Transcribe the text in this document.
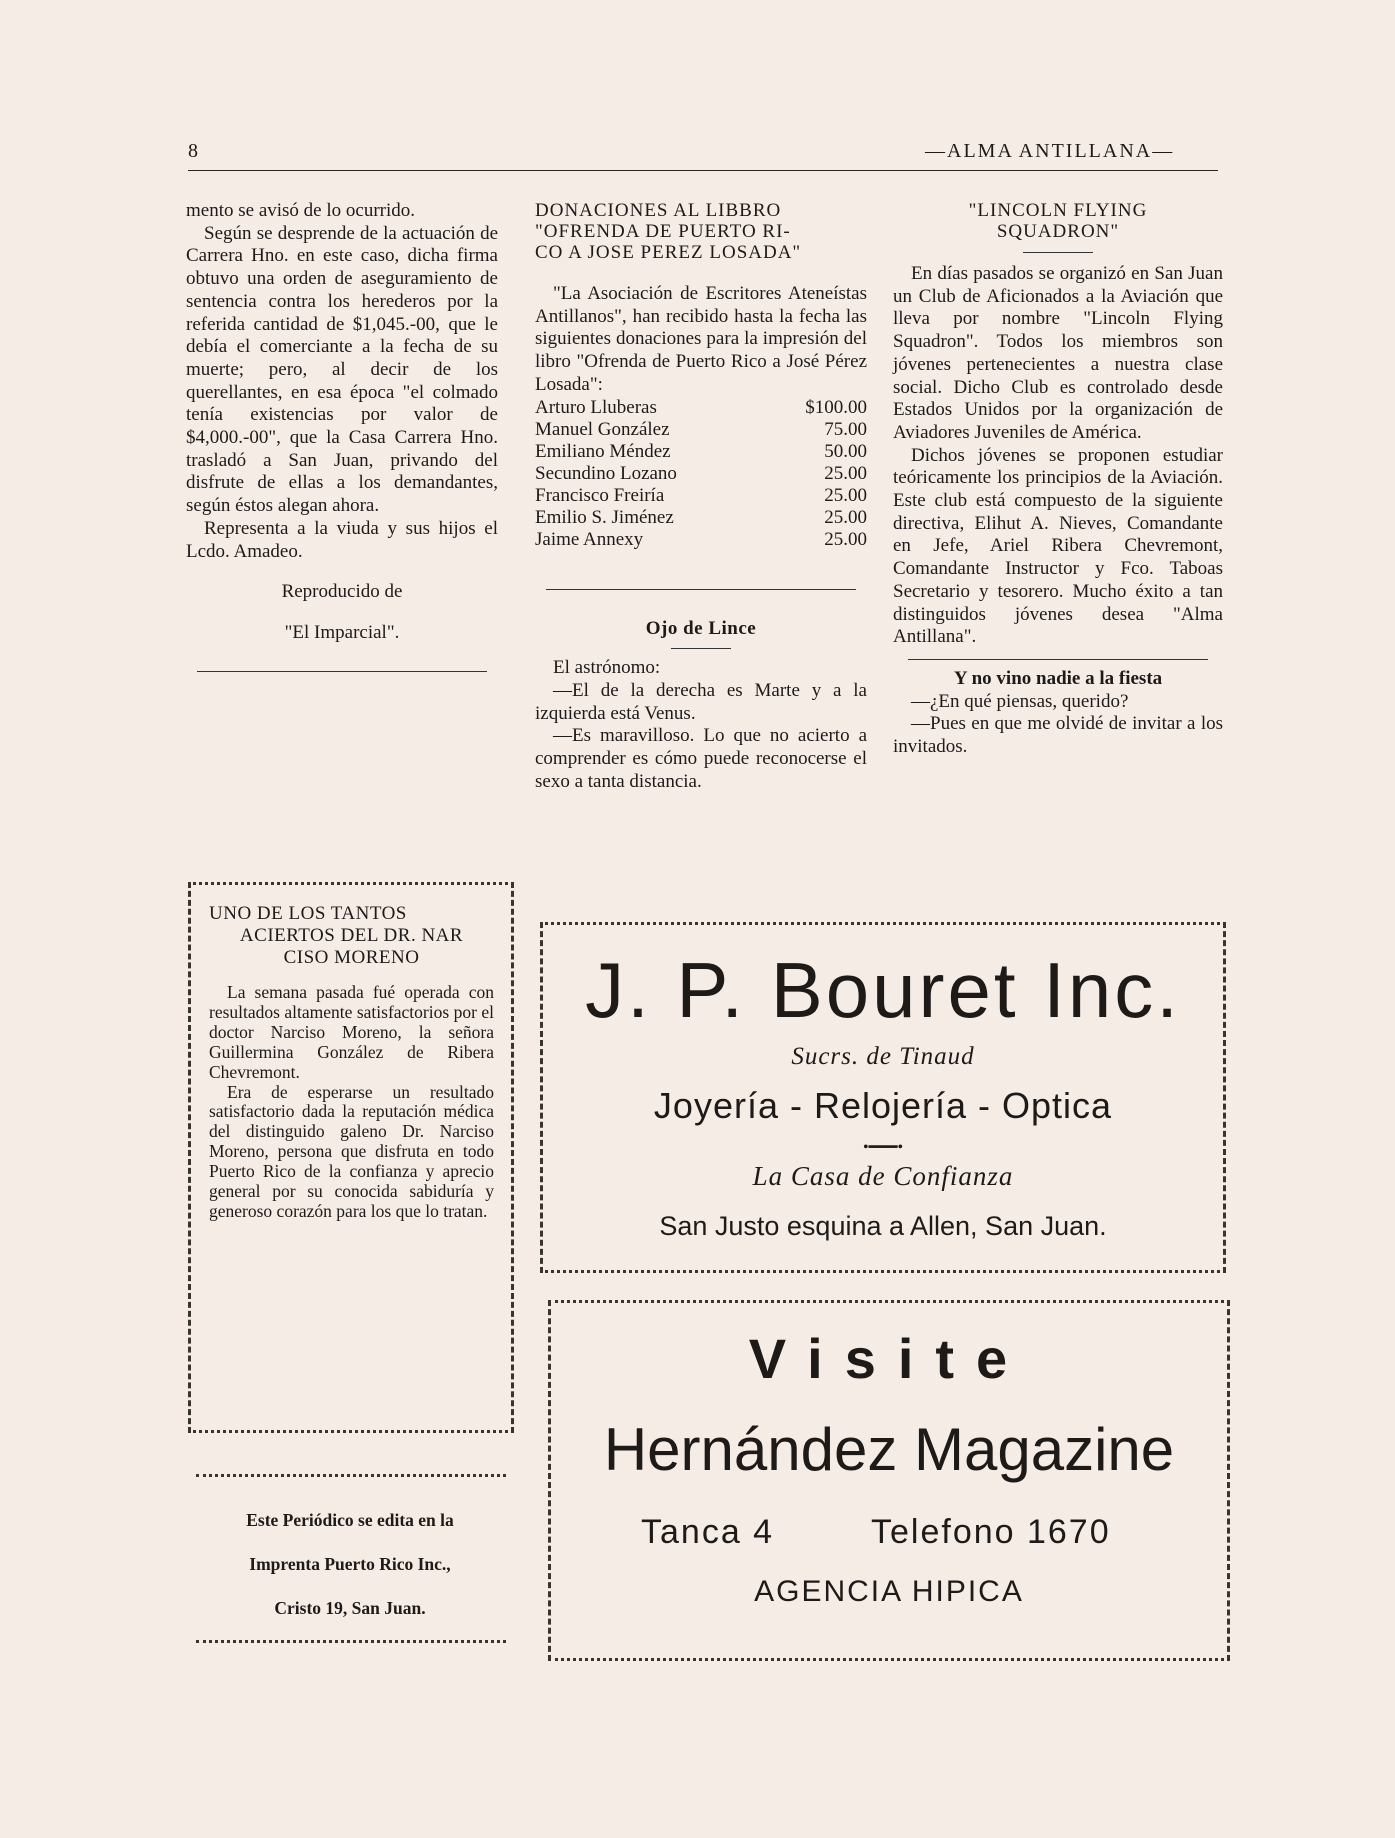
8	—ALMA ANTILLANA—

mento se avisó de lo ocurrido.

Según se desprende de la actuación de Carrera Hno. en este caso, dicha firma obtuvo una orden de aseguramiento de sentencia contra los herederos por la referida cantidad de $1,045.-00, que le debía el comerciante a la fecha de su muerte; pero, al decir de los querellantes, en esa época "el colmado tenía existencias por valor de $4,000.-00", que la Casa Carrera Hno. trasladó a San Juan, privando del disfrute de ellas a los demandantes, según éstos alegan ahora.

Representa a la viuda y sus hijos el Lcdo. Amadeo.

Reproducido de

"El Imparcial".

UNO DE LOS TANTOS

ACIERTOS DEL DR. NAR

CISO MORENO

La semana pasada fué operada con resultados altamente satisfactorios por el doctor Narciso Moreno, la señora Guillermina González de Ribera Chevremont.

Era de esperarse un resultado satisfactorio dada la reputación médica del distinguido galeno Dr. Narciso Moreno, persona que disfruta en todo Puerto Rico de la confianza y aprecio general por su conocida sabiduría y generoso corazón para los que lo tratan.

Este Periódico se edita en la
Imprenta Puerto Rico Inc.,
Cristo 19, San Juan.

DONACIONES AL LIBBRO

"OFRENDA DE PUERTO RI-

CO A JOSE PEREZ LOSADA"

"La Asociación de Escritores Ateneístas Antillanos", han recibido hasta la fecha las siguientes donaciones para la impresión del libro "Ofrenda de Puerto Rico a José Pérez Losada":

Arturo Lluberas	$100.00
Manuel González	75.00
Emiliano Méndez	50.00
Secundino Lozano	25.00
Francisco Freiría	25.00
Emilio S. Jiménez	25.00
Jaime Annexy	25.00

Ojo de Lince

El astrónomo:

—El de la derecha es Marte y a la izquierda está Venus.

—Es maravilloso. Lo que no acierto a comprender es cómo puede reconocerse el sexo a tanta distancia.

"LINCOLN FLYING

SQUADRON"

En días pasados se organizó en San Juan un Club de Aficionados a la Aviación que lleva por nombre "Lincoln Flying Squadron". Todos los miembros son jóvenes pertenecientes a nuestra clase social. Dicho Club es controlado desde Estados Unidos por la organización de Aviadores Juveniles de América.

Dichos jóvenes se proponen estudiar teóricamente los principios de la Aviación. Este club está compuesto de la siguiente directiva, Elihut A. Nieves, Comandante en Jefe, Ariel Ribera Chevremont, Comandante Instructor y Fco. Taboas Secretario y tesorero. Mucho éxito a tan distinguidos jóvenes desea "Alma Antillana".

Y no vino nadie a la fiesta

—¿En qué piensas, querido?

—Pues en que me olvidé de invitar a los invitados.

J. P. Bouret Inc.
Sucrs. de Tinaud
Joyería - Relojería - Optica
•━━━•
La Casa de Confianza
San Justo esquina a Allen, San Juan.
Visite
Hernández Magazine
Tanca 4	Telefono 1670
AGENCIA HIPICA
